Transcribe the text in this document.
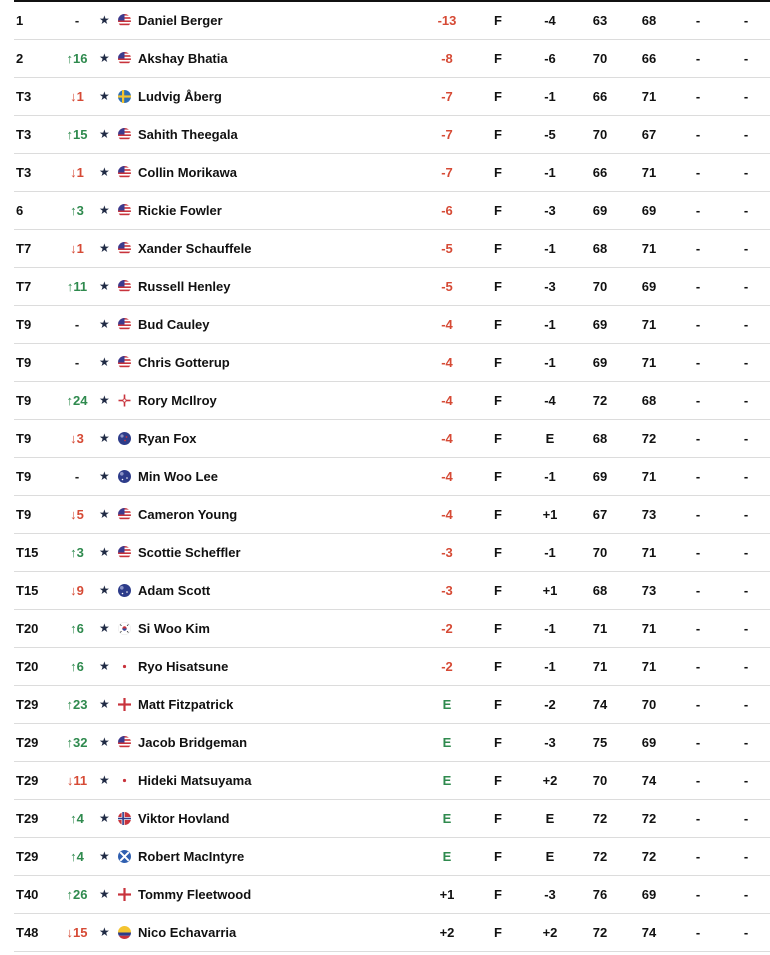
1	-	★ Daniel Berger	-13	F	-4	63	68	-	-
2	↑16 ★ Akshay Bhatia	-8	F	-6	70	66	-	-
T3	↓1	★ Ludvig Åberg	-7	F	-1	66	71	-	-
T3	↑15 ★ Sahith Theegala	-7	F	-5	70	67	-	-
T3	↓1	★ Collin Morikawa	-7	F	-1	66	71	-	-
6	↑3	★ Rickie Fowler	-6	F	-3	69	69	-	-
T7	↓1	★ Xander Schauffele	-5	F	-1	68	71	-	-
T7	↑11 ★ Russell Henley	-5	F	-3	70	69	-	-
T9	-	★ Bud Cauley	-4	F	-1	69	71	-	-
T9	-	★ Chris Gotterup	-4	F	-1	69	71	-	-
T9	↑24 ★ Rory McIlroy	-4	F	-4	72	68	-	-
T9	↓3	★ Ryan Fox	-4	F	E	68	72	-	-
T9	-	★ Min Woo Lee	-4	F	-1	69	71	-	-
T9	↓5	★ Cameron Young	-4	F	+1	67	73	-	-
T15	↑3	★ Scottie Scheffler	-3	F	-1	70	71	-	-
T15	↓9	★ Adam Scott	-3	F	+1	68	73	-	-
T20	↑6	★ Si Woo Kim	-2	F	-1	71	71	-	-
T20	↑6	★ Ryo Hisatsune	-2	F	-1	71	71	-	-
T29	↑23 ★ Matt Fitzpatrick	E	F	-2	74	70	-	-
T29	↑32 ★ Jacob Bridgeman	E	F	-3	75	69	-	-
T29	↓11 ★ Hideki Matsuyama	E	F	+2	70	74	-	-
T29	↑4	★ Viktor Hovland	E	F	E	72	72	-	-
T29	↑4	★ Robert MacIntyre	E	F	E	72	72	-	-
T40	↑26 ★ Tommy Fleetwood	+1	F	-3	76	69	-	-
T48	↓15 ★ Nico Echavarria	+2	F	+2	72	74	-	-
